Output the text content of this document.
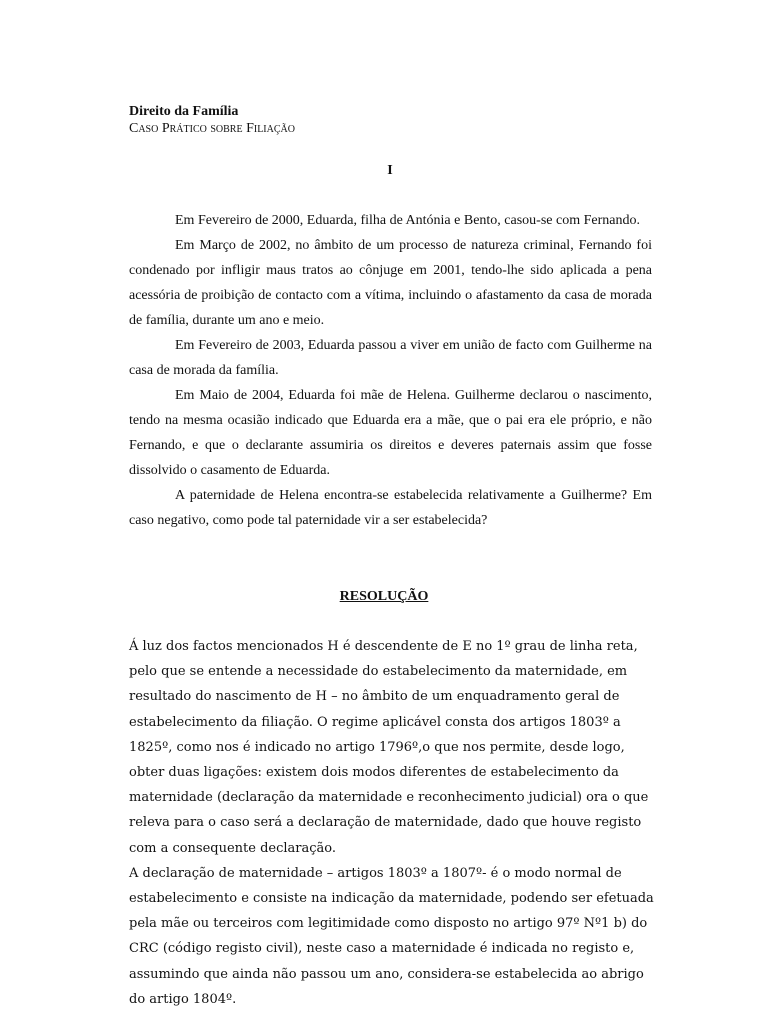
Direito da Família
Caso Prático sobre Filiação
I

Em Fevereiro de 2000, Eduarda, filha de Antónia e Bento, casou-se com Fernando.

Em Março de 2002, no âmbito de um processo de natureza criminal, Fernando foi condenado por infligir maus tratos ao cônjuge em 2001, tendo-lhe sido aplicada a pena acessória de proibição de contacto com a vítima, incluindo o afastamento da casa de morada de família, durante um ano e meio.

Em Fevereiro de 2003, Eduarda passou a viver em união de facto com Guilherme na casa de morada da família.

Em Maio de 2004, Eduarda foi mãe de Helena. Guilherme declarou o nascimento, tendo na mesma ocasião indicado que Eduarda era a mãe, que o pai era ele próprio, e não Fernando, e que o declarante assumiria os direitos e deveres paternais assim que fosse dissolvido o casamento de Eduarda.

A paternidade de Helena encontra-se estabelecida relativamente a Guilherme? Em caso negativo, como pode tal paternidade vir a ser estabelecida?

RESOLUÇÃO

Á luz dos factos mencionados H é descendente de E no 1º grau de linha reta, pelo que se entende a necessidade do estabelecimento da maternidade, em resultado do nascimento de H – no âmbito de um enquadramento geral de estabelecimento da filiação. O regime aplicável consta dos artigos 1803º a 1825º, como nos é indicado no artigo 1796º,o que nos permite, desde logo, obter duas ligações: existem dois modos diferentes de estabelecimento da maternidade (declaração da maternidade e reconhecimento judicial) ora o que releva para o caso será a declaração de maternidade, dado que houve registo com a consequente declaração.

A declaração de maternidade – artigos 1803º a 1807º- é o modo normal de estabelecimento e consiste na indicação da maternidade, podendo ser efetuada pela mãe ou terceiros com legitimidade como disposto no artigo 97º Nº1 b) do CRC (código registo civil), neste caso a maternidade é indicada no registo e, assumindo que ainda não passou um ano, considera-se estabelecida ao abrigo do artigo 1804º.
